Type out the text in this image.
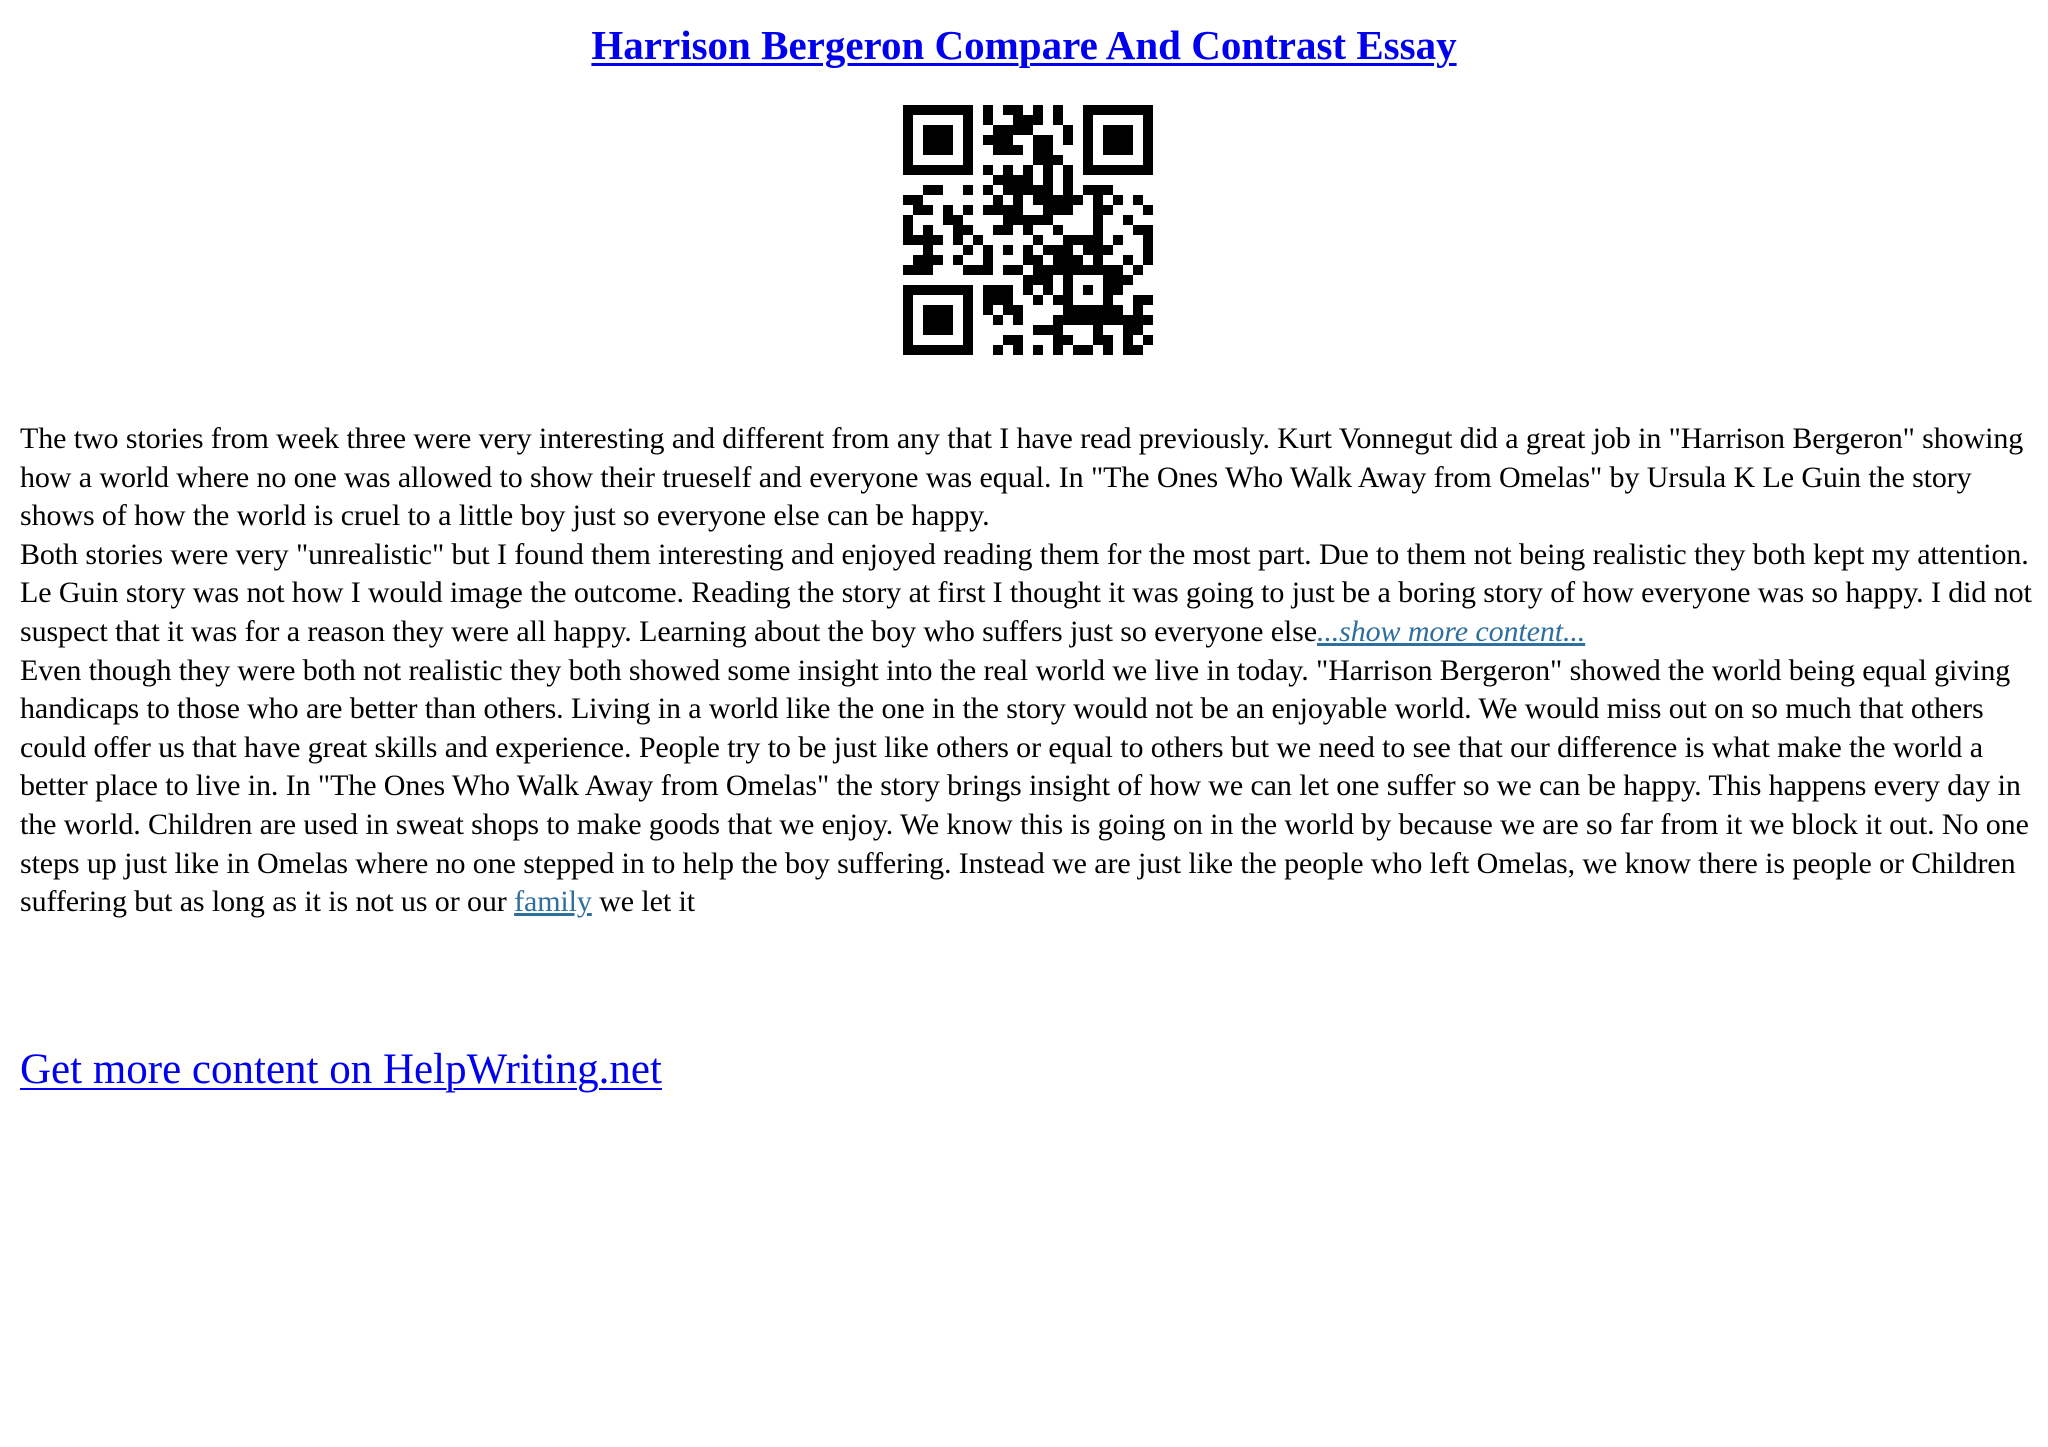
Harrison Bergeron Compare And Contrast Essay

The two stories from week three were very interesting and different from any that I have read previously. Kurt Vonnegut did a great job in "Harrison Bergeron" showing how a world where no one was allowed to show their trueself and everyone was equal. In "The Ones Who Walk Away from Omelas" by Ursula K Le Guin the story shows of how the world is cruel to a little boy just so everyone else can be happy.

Both stories were very "unrealistic" but I found them interesting and enjoyed reading them for the most part. Due to them not being realistic they both kept my attention. Le Guin story was not how I would image the outcome. Reading the story at first I thought it was going to just be a boring story of how everyone was so happy. I did not suspect that it was for a reason they were all happy. Learning about the boy who suffers just so everyone else...show more content...

Even though they were both not realistic they both showed some insight into the real world we live in today. "Harrison Bergeron" showed the world being equal giving handicaps to those who are better than others. Living in a world like the one in the story would not be an enjoyable world. We would miss out on so much that others could offer us that have great skills and experience. People try to be just like others or equal to others but we need to see that our difference is what make the world a better place to live in. In "The Ones Who Walk Away from Omelas" the story brings insight of how we can let one suffer so we can be happy. This happens every day in the world. Children are used in sweat shops to make goods that we enjoy. We know this is going on in the world by because we are so far from it we block it out. No one steps up just like in Omelas where no one stepped in to help the boy suffering. Instead we are just like the people who left Omelas, we know there is people or Children suffering but as long as it is not us or our family we let it

Get more content on HelpWriting.net
